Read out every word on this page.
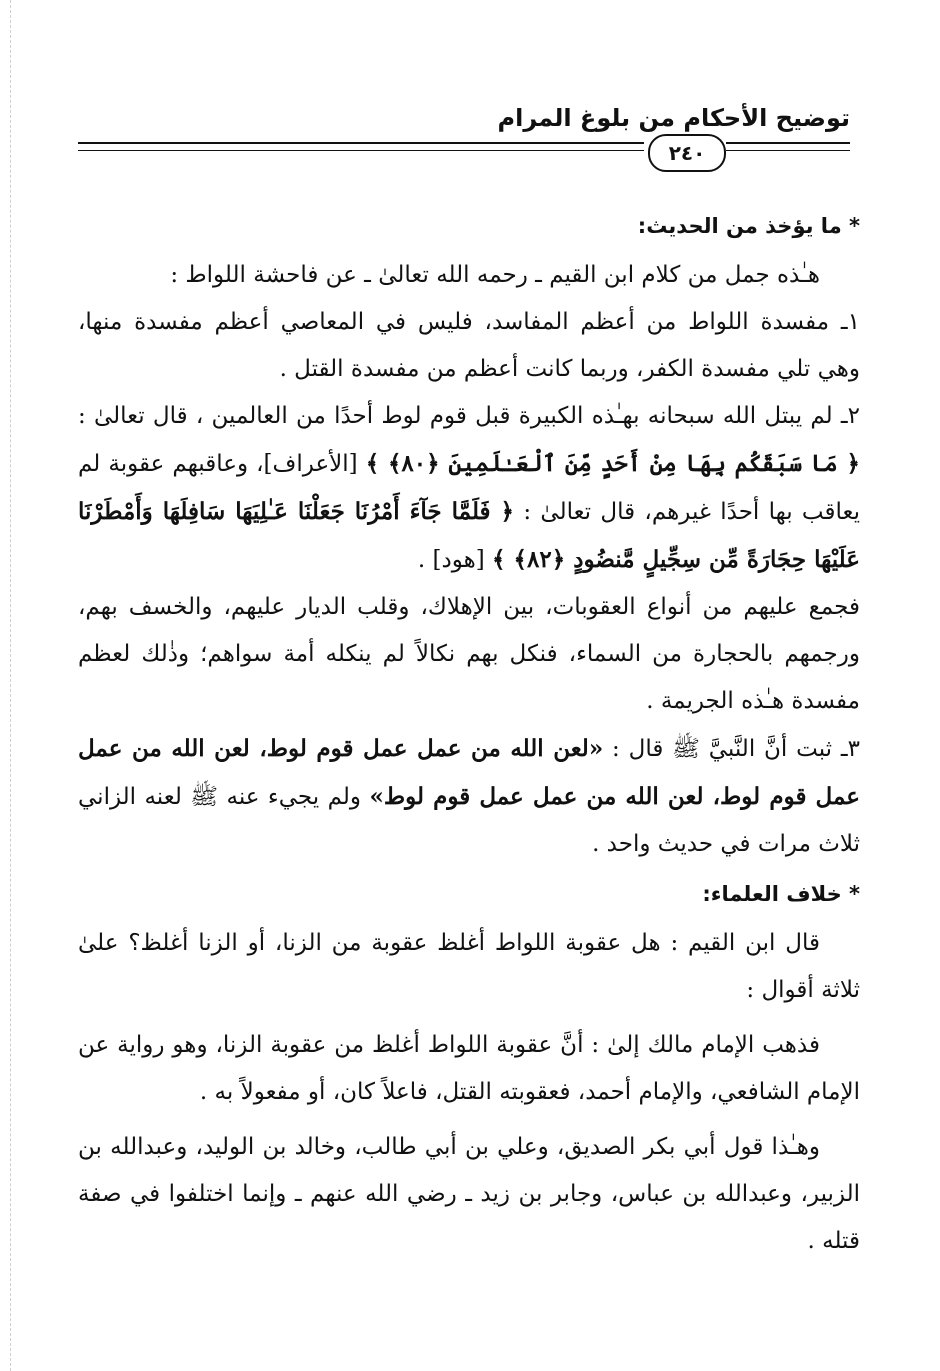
توضيح الأحكام من بلوغ المرام
٢٤٠

* ما يؤخذ من الحديث:

هـٰذه جمل من كلام ابن القيم ـ رحمه الله تعالىٰ ـ عن فاحشة اللواط :

١ـ مفسدة اللواط من أعظم المفاسد، فليس في المعاصي أعظم مفسدة منها، وهي تلي مفسدة الكفر، وربما كانت أعظم من مفسدة القتل .

٢ـ لم يبتل الله سبحانه بهـٰذه الكبيرة قبل قوم لوط أحدًا من العالمين ، قال تعالىٰ : ﴿ مَا سَبَقَكُم بِهَا مِنْ أَحَدٍ مِّنَ ٱلْعَـٰلَمِينَ ﴿٨٠﴾ ﴾ [الأعراف]، وعاقبهم عقوبة لم يعاقب بها أحدًا غيرهم، قال تعالىٰ : ﴿ فَلَمَّا جَآءَ أَمْرُنَا جَعَلْنَا عَـٰلِيَهَا سَافِلَهَا وَأَمْطَرْنَا عَلَيْهَا حِجَارَةً مِّن سِجِّيلٍ مَّنضُودٍ ﴿٨٢﴾ ﴾ [هود] .

فجمع عليهم من أنواع العقوبات، بين الإهلاك، وقلب الديار عليهم، والخسف بهم، ورجمهم بالحجارة من السماء، فنكل بهم نكالاً لم ينكله أمة سواهم؛ وذٰلك لعظم مفسدة هـٰذه الجريمة .

٣ـ ثبت أنَّ النَّبيَّ ﷺ قال : «لعن الله من عمل عمل قوم لوط، لعن الله من عمل عمل قوم لوط، لعن الله من عمل عمل قوم لوط» ولم يجيء عنه ﷺ لعنه الزاني ثلاث مرات في حديث واحد .

* خلاف العلماء:

قال ابن القيم : هل عقوبة اللواط أغلظ عقوبة من الزنا، أو الزنا أغلظ؟ علىٰ ثلاثة أقوال :

فذهب الإمام مالك إلىٰ : أنَّ عقوبة اللواط أغلظ من عقوبة الزنا، وهو رواية عن الإمام الشافعي، والإمام أحمد، فعقوبته القتل، فاعلاً كان، أو مفعولاً به .

وهـٰذا قول أبي بكر الصديق، وعلي بن أبي طالب، وخالد بن الوليد، وعبدالله بن الزبير، وعبدالله بن عباس، وجابر بن زيد ـ رضي الله عنهم ـ وإنما اختلفوا في صفة قتله .
